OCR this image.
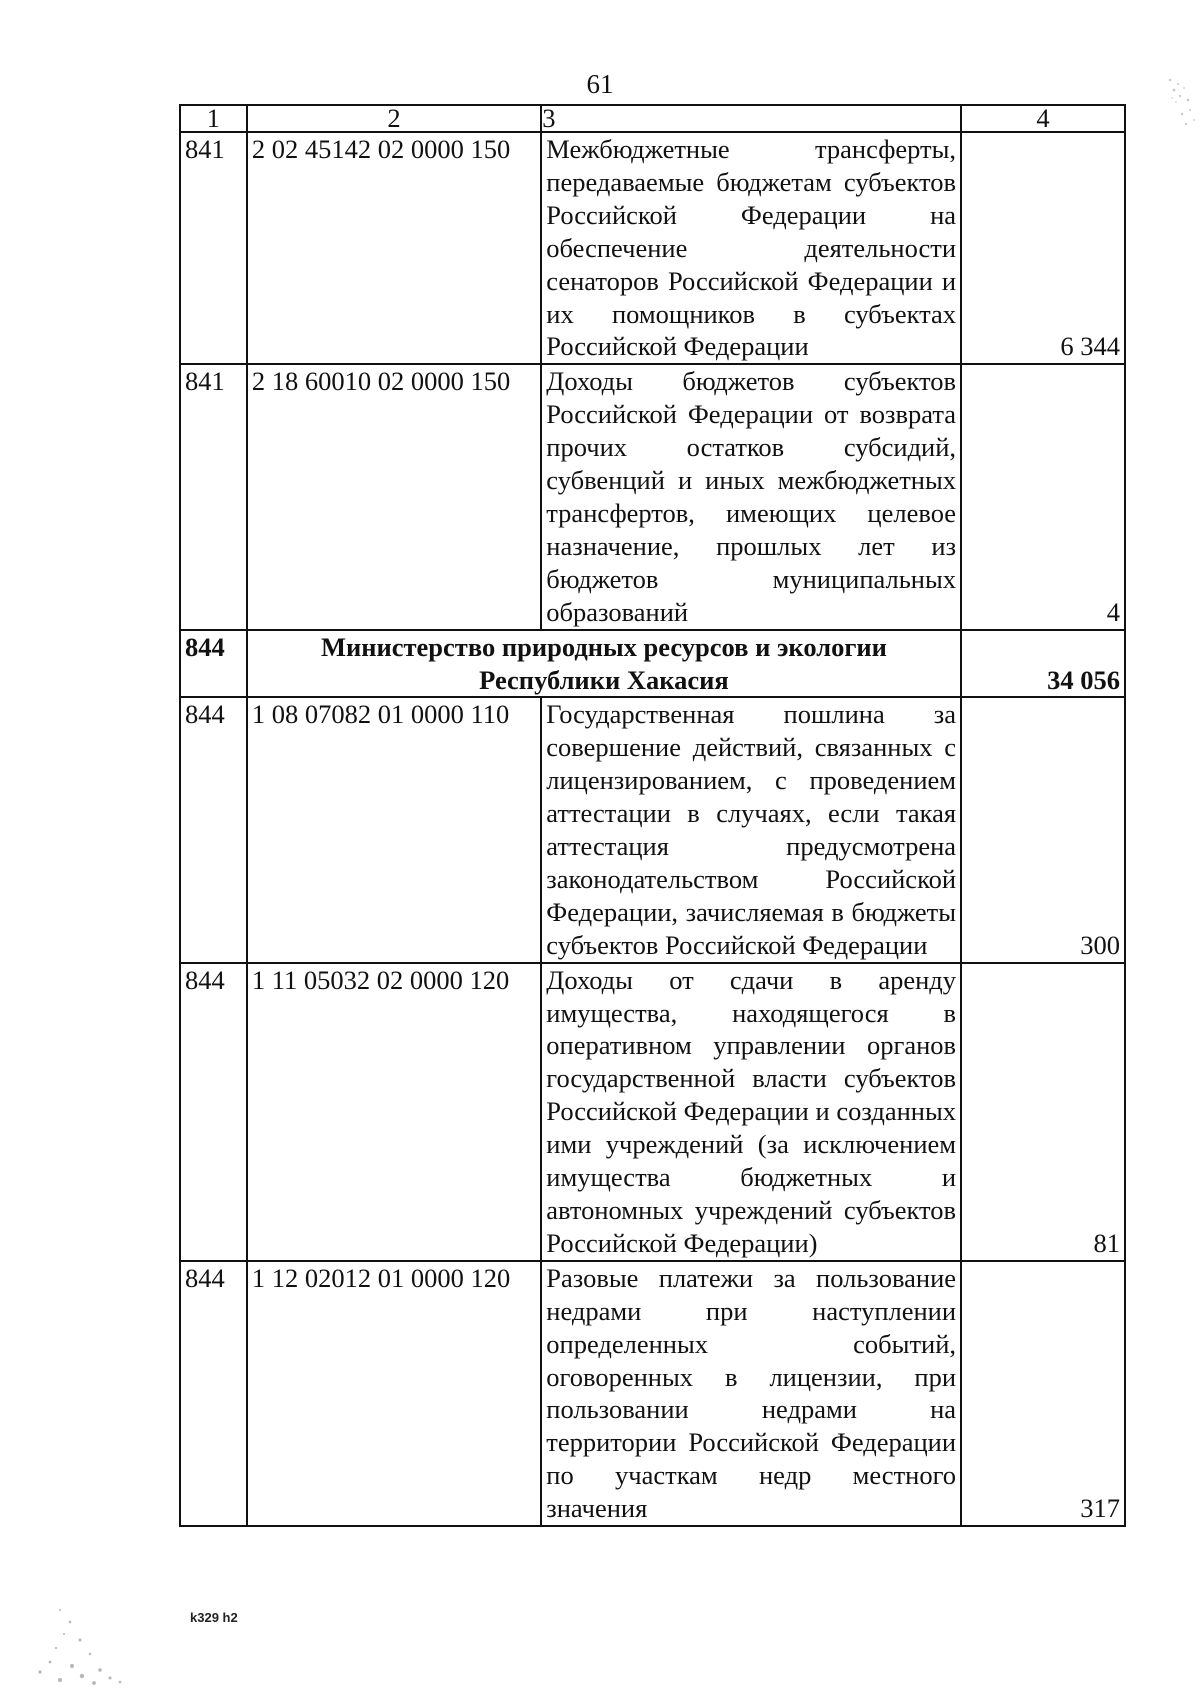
61
1	2	3	4
841	2 02 45142 02 0000 150	Межбюджетные трансферты, передаваемые бюджетам субъектов Российской Федерации на обеспечение деятельности сенаторов Российской Федерации и их помощников в субъектах Российской Федерации	6 344
841	2 18 60010 02 0000 150	Доходы бюджетов субъектов Российской Федерации от возврата прочих остатков субсидий, субвенций и иных межбюджетных трансфертов, имеющих целевое назначение, прошлых лет из бюджетов муниципальных образований	4
844	Министерство природных ресурсов и экологии Республики Хакасия		34 056
844	1 08 07082 01 0000 110	Государственная пошлина за совершение действий, связанных с лицензированием, с проведением аттестации в случаях, если такая аттестация предусмотрена законодательством Российской Федерации, зачисляемая в бюджеты субъектов Российской Федерации	300
844	1 11 05032 02 0000 120	Доходы от сдачи в аренду имущества, находящегося в оперативном управлении органов государственной власти субъектов Российской Федерации и созданных ими учреждений (за исключением имущества бюджетных и автономных учреждений субъектов Российской Федерации)	81
844	1 12 02012 01 0000 120	Разовые платежи за пользование недрами при наступлении определенных событий, оговоренных в лицензии, при пользовании недрами на территории Российской Федерации по участкам недр местного значения	317
k329 h2
